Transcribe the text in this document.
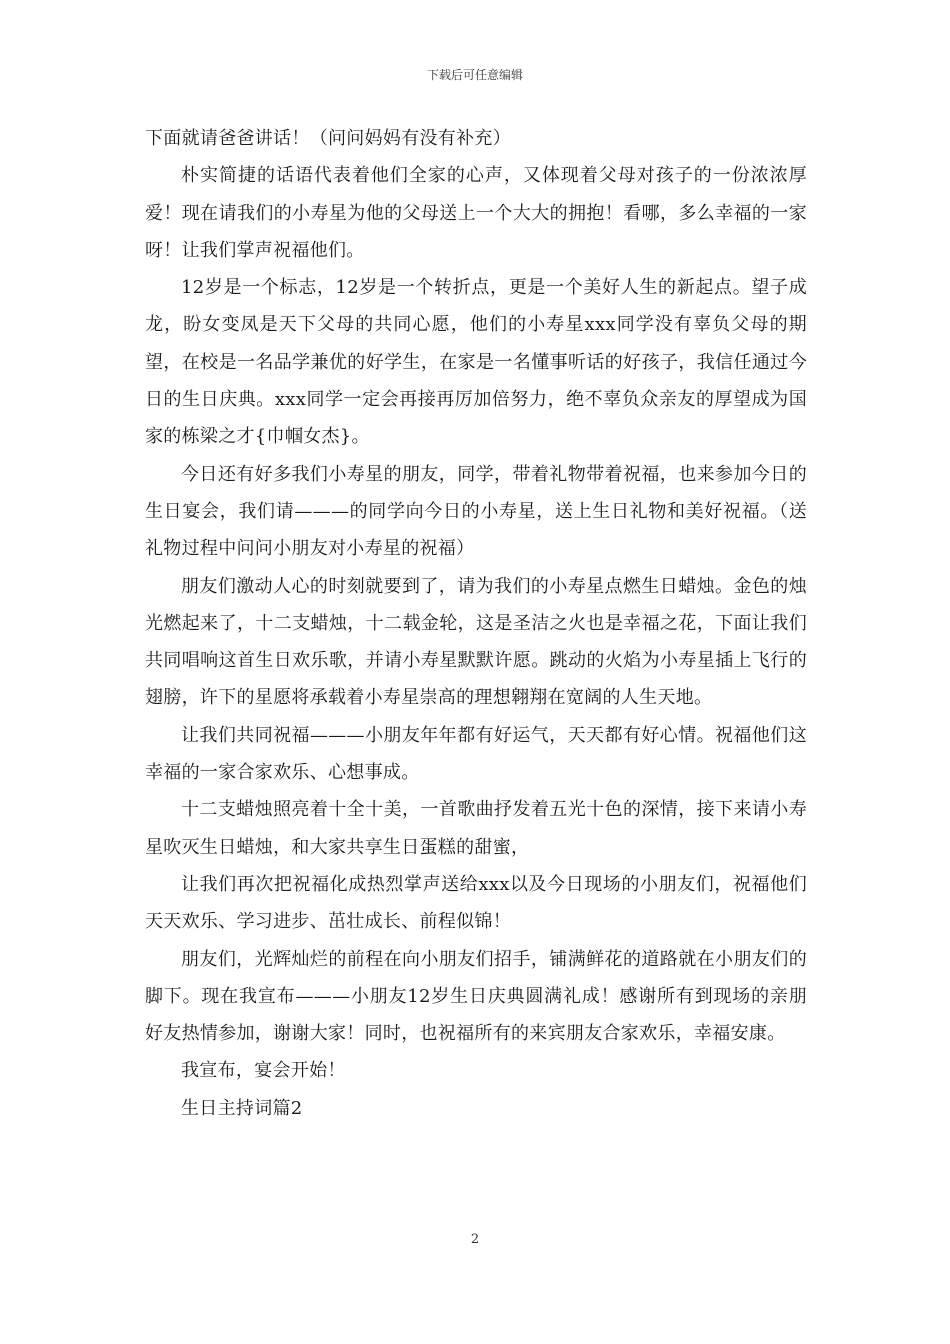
下载后可任意编辑

下面就请爸爸讲话！（问问妈妈有没有补充）

朴实简捷的话语代表着他们全家的心声，又体现着父母对孩子的一份浓浓厚爱！现在请我们的小寿星为他的父母送上一个大大的拥抱！看哪，多么幸福的一家呀！让我们掌声祝福他们。

12岁是一个标志，12岁是一个转折点，更是一个美好人生的新起点。望子成龙，盼女变凤是天下父母的共同心愿，他们的小寿星xxx同学没有辜负父母的期望，在校是一名品学兼优的好学生，在家是一名懂事听话的好孩子，我信任通过今日的生日庆典。xxx同学一定会再接再厉加倍努力，绝不辜负众亲友的厚望成为国家的栋梁之才{巾帼女杰}。

今日还有好多我们小寿星的朋友，同学，带着礼物带着祝福，也来参加今日的生日宴会，我们请———的同学向今日的小寿星，送上生日礼物和美好祝福。（送礼物过程中问问小朋友对小寿星的祝福）

朋友们激动人心的时刻就要到了，请为我们的小寿星点燃生日蜡烛。金色的烛光燃起来了，十二支蜡烛，十二载金轮，这是圣洁之火也是幸福之花，下面让我们共同唱响这首生日欢乐歌，并请小寿星默默许愿。跳动的火焰为小寿星插上飞行的翅膀，许下的星愿将承载着小寿星崇高的理想翱翔在宽阔的人生天地。

让我们共同祝福———小朋友年年都有好运气，天天都有好心情。祝福他们这幸福的一家合家欢乐、心想事成。

十二支蜡烛照亮着十全十美，一首歌曲抒发着五光十色的深情，接下来请小寿星吹灭生日蜡烛，和大家共享生日蛋糕的甜蜜，

让我们再次把祝福化成热烈掌声送给xxx以及今日现场的小朋友们，祝福他们天天欢乐、学习进步、茁壮成长、前程似锦！

朋友们，光辉灿烂的前程在向小朋友们招手，铺满鲜花的道路就在小朋友们的脚下。现在我宣布———小朋友12岁生日庆典圆满礼成！感谢所有到现场的亲朋好友热情参加，谢谢大家！同时，也祝福所有的来宾朋友合家欢乐，幸福安康。

我宣布，宴会开始！

生日主持词篇2

2
